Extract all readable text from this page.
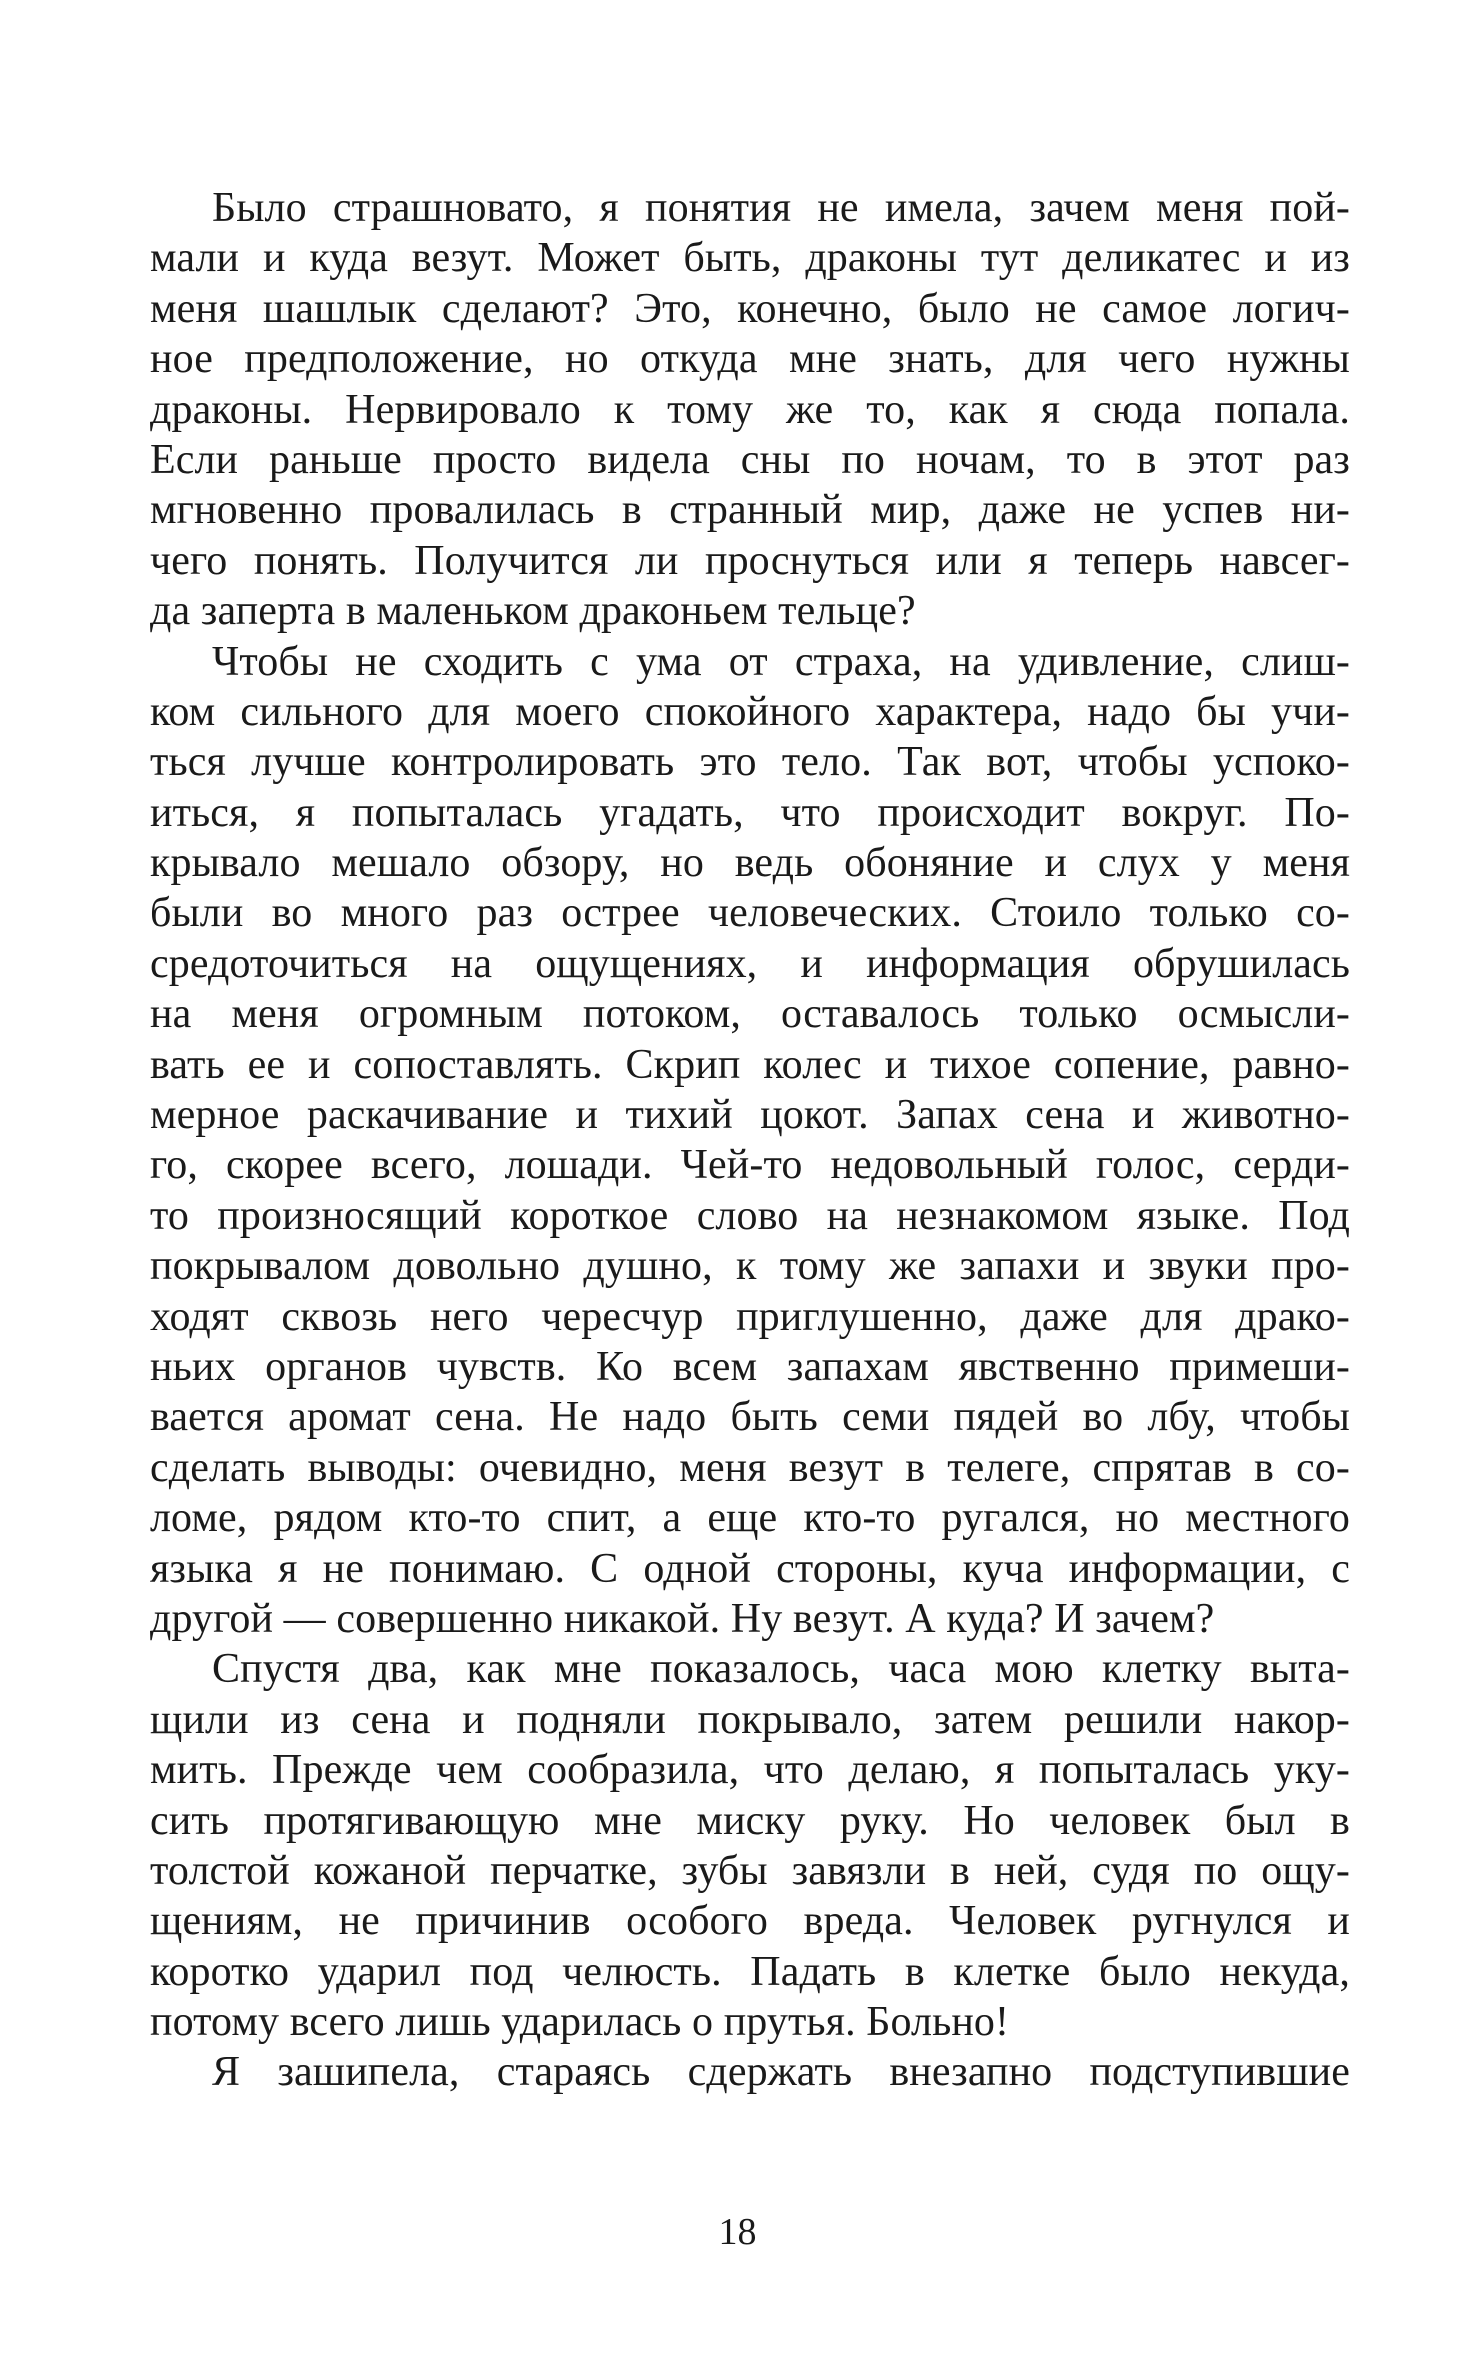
Было страшновато, я понятия не имела, зачем меня пой-
мали и куда везут. Может быть, драконы тут деликатес и из
меня шашлык сделают? Это, конечно, было не самое логич-
ное предположение, но откуда мне знать, для чего нужны
драконы. Нервировало к тому же то, как я сюда попала.
Если раньше просто видела сны по ночам, то в этот раз
мгновенно провалилась в странный мир, даже не успев ни-
чего понять. Получится ли проснуться или я теперь навсег-
да заперта в маленьком драконьем тельце?
Чтобы не сходить с ума от страха, на удивление, слиш-
ком сильного для моего спокойного характера, надо бы учи-
ться лучше контролировать это тело. Так вот, чтобы успоко-
иться, я попыталась угадать, что происходит вокруг. По-
крывало мешало обзору, но ведь обоняние и слух у меня
были во много раз острее человеческих. Стоило только со-
средоточиться на ощущениях, и информация обрушилась
на меня огромным потоком, оставалось только осмысли-
вать ее и сопоставлять. Скрип колес и тихое сопение, равно-
мерное раскачивание и тихий цокот. Запах сена и животно-
го, скорее всего, лошади. Чей-то недовольный голос, серди-
то произносящий короткое слово на незнакомом языке. Под
покрывалом довольно душно, к тому же запахи и звуки про-
ходят сквозь него чересчур приглушенно, даже для драко-
ньих органов чувств. Ко всем запахам явственно примеши-
вается аромат сена. Не надо быть семи пядей во лбу, чтобы
сделать выводы: очевидно, меня везут в телеге, спрятав в со-
ломе, рядом кто-то спит, а еще кто-то ругался, но местного
языка я не понимаю. С одной стороны, куча информации, с
другой — совершенно никакой. Ну везут. А куда? И зачем?
Спустя два, как мне показалось, часа мою клетку выта-
щили из сена и подняли покрывало, затем решили накор-
мить. Прежде чем сообразила, что делаю, я попыталась уку-
сить протягивающую мне миску руку. Но человек был в
толстой кожаной перчатке, зубы завязли в ней, судя по ощу-
щениям, не причинив особого вреда. Человек ругнулся и
коротко ударил под челюсть. Падать в клетке было некуда,
потому всего лишь ударилась о прутья. Больно!
Я зашипела, стараясь сдержать внезапно подступившие
18
